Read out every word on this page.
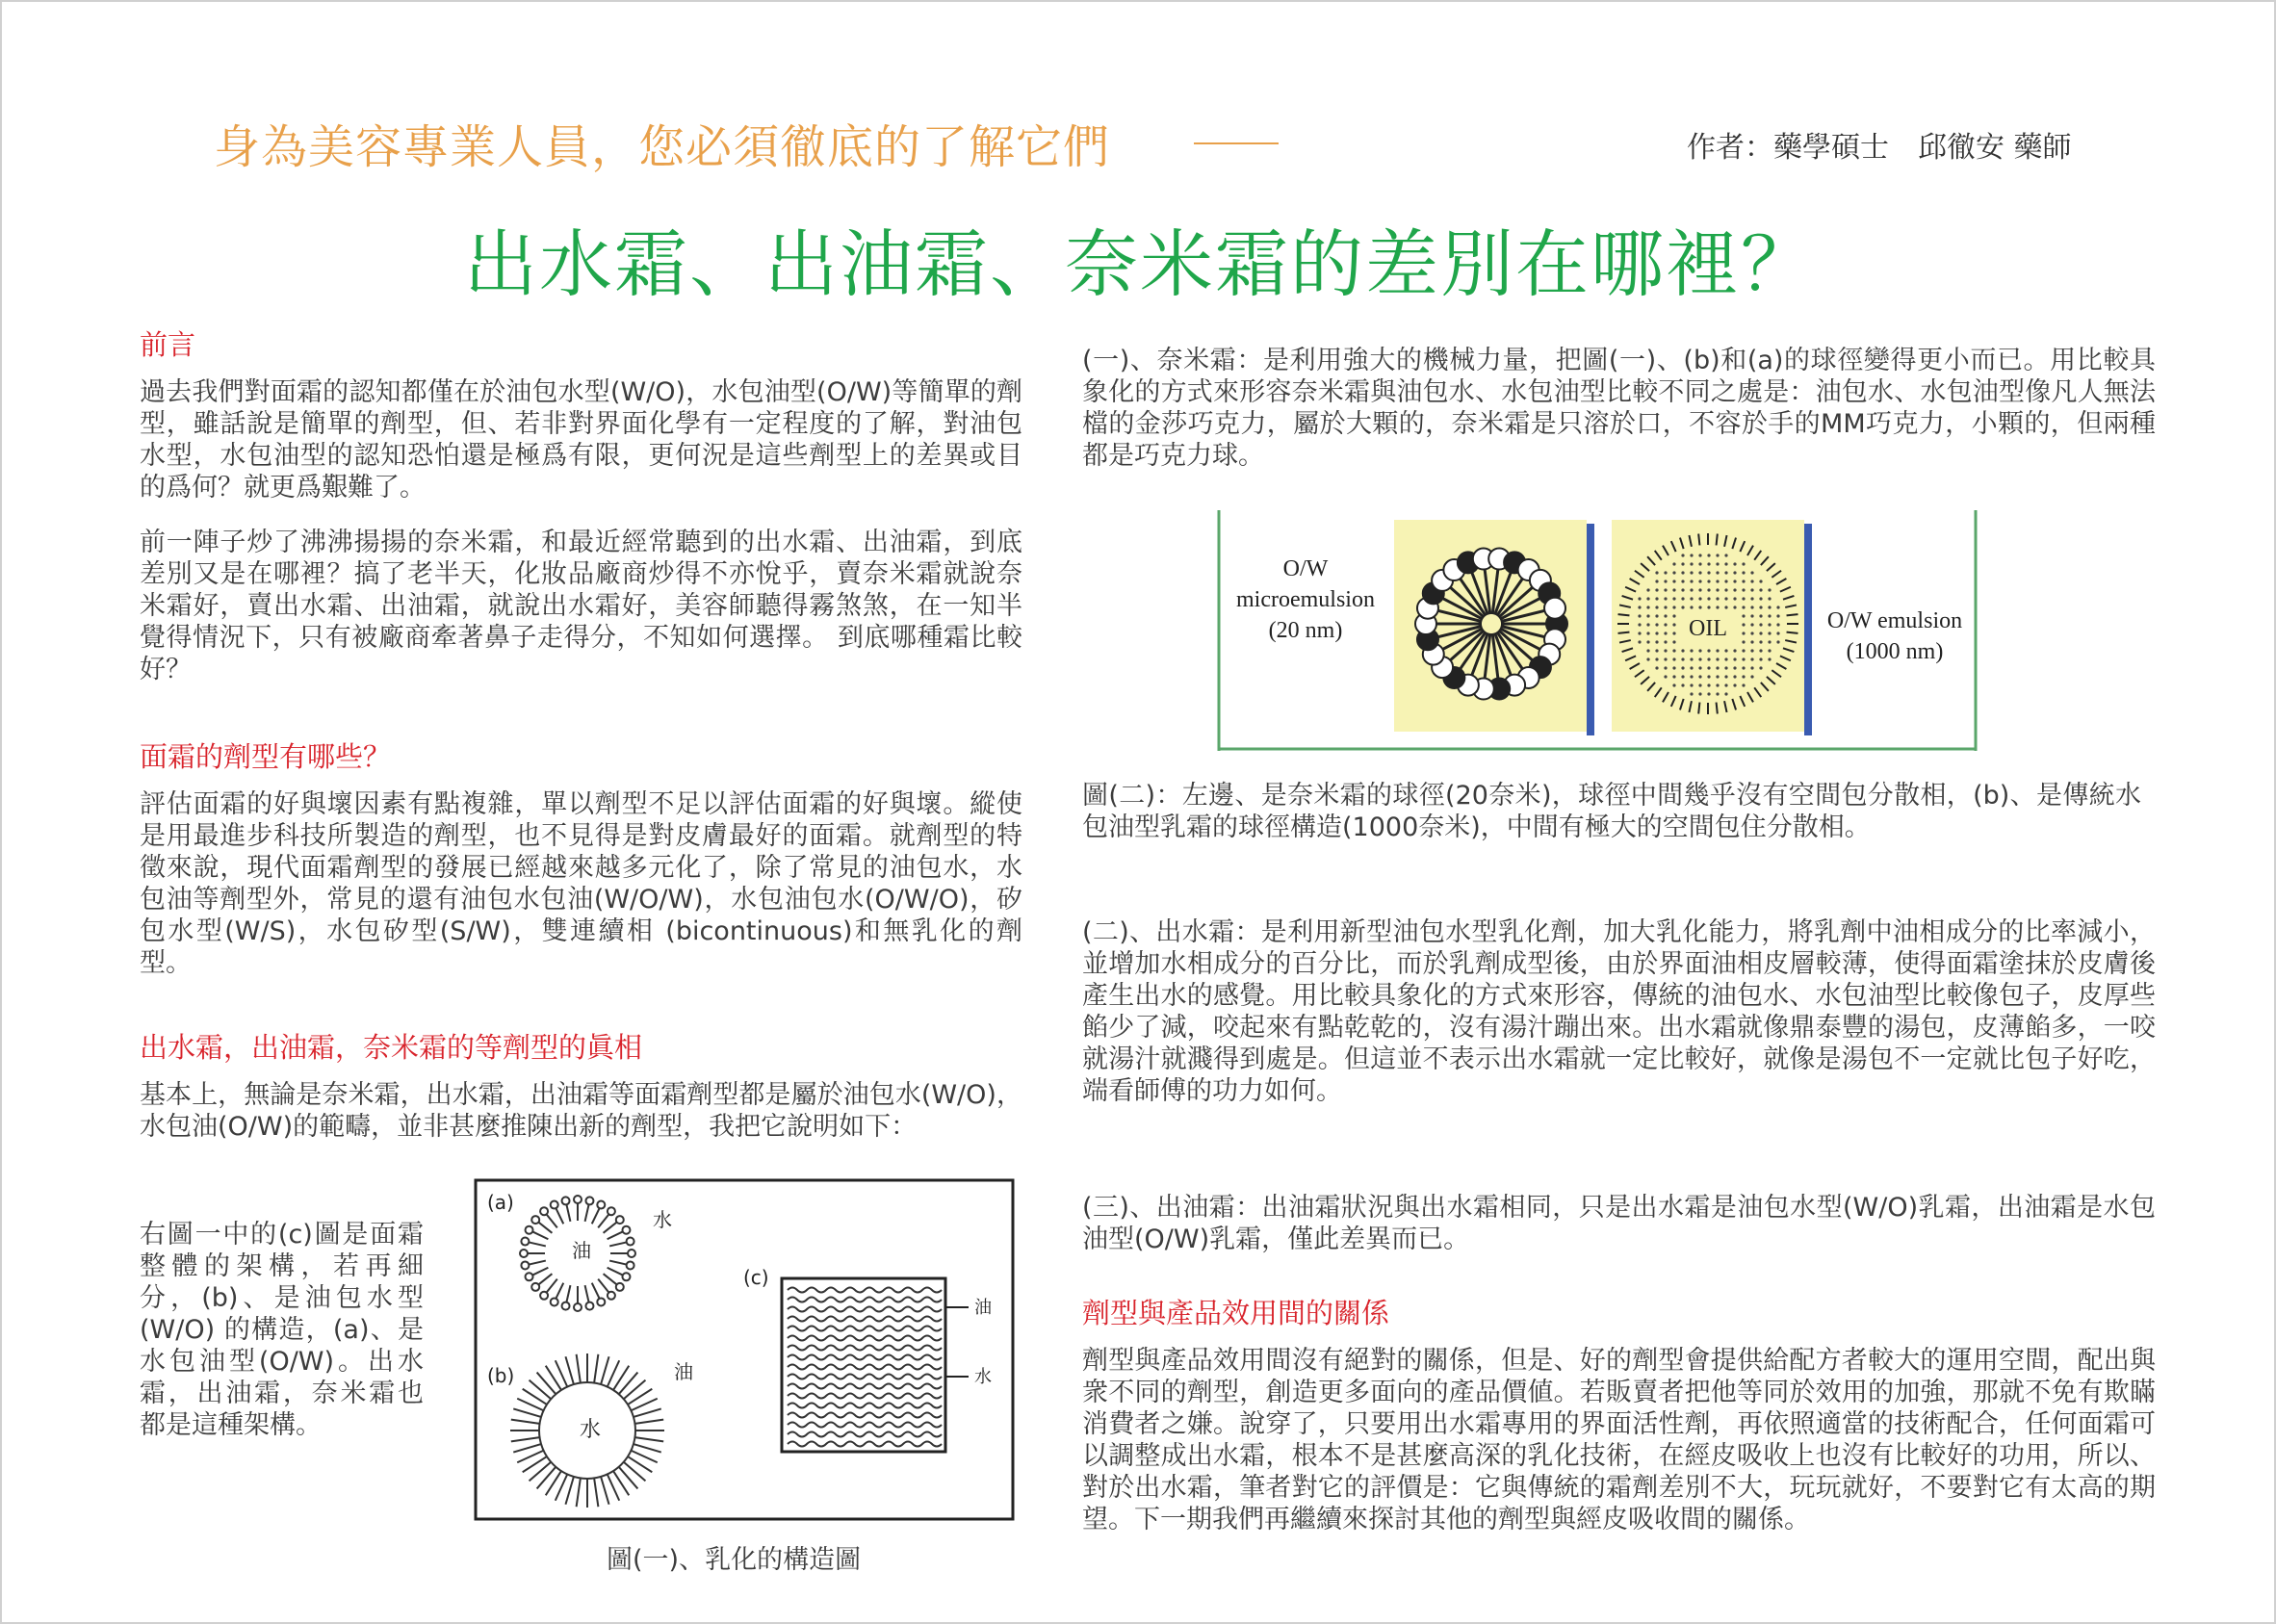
身為美容專業人員，您必須徹底的了解它們	作者：藥學碩士　邱徹安 藥師
出水霜、出油霜、奈米霜的差別在哪裡？
前言

過去我們對面霜的認知都僅在於油包水型(W/O)，水包油型(O/W)等簡單的劑型，雖話說是簡單的劑型，但、若非對界面化學有一定程度的了解，對油包水型，水包油型的認知恐怕還是極爲有限，更何況是這些劑型上的差異或目的爲何？就更爲艱難了。

前一陣子炒了沸沸揚揚的奈米霜，和最近經常聽到的出水霜、出油霜，到底差別又是在哪裡？搞了老半天，化妝品廠商炒得不亦悅乎，賣奈米霜就說奈米霜好，賣出水霜、出油霜，就說出水霜好，美容師聽得霧煞煞，在一知半覺得情況下，只有被廠商牽著鼻子走得分，不知如何選擇。 到底哪種霜比較好？

面霜的劑型有哪些？

評估面霜的好與壞因素有點複雜，單以劑型不足以評估面霜的好與壞。縱使是用最進步科技所製造的劑型，也不見得是對皮膚最好的面霜。就劑型的特徵來說，現代面霜劑型的發展已經越來越多元化了，除了常見的油包水，水包油等劑型外，常見的還有油包水包油(W/O/W)，水包油包水(O/W/O)，矽包水型(W/S)，水包矽型(S/W)，雙連續相 (bicontinuous)和無乳化的劑型。

出水霜，出油霜，奈米霜的等劑型的眞相

基本上，無論是奈米霜，出水霜，出油霜等面霜劑型都是屬於油包水(W/O)，水包油(O/W)的範疇，並非甚麼推陳出新的劑型，我把它說明如下：

右圖一中的(c)圖是面霜整體的架構，若再細分，(b)、是油包水型(W/O) 的構造，(a)、是水包油型(O/W)。出水霜，出油霜，奈米霜也都是這種架構。

(a)
油
水
(b)
水
油
(c)
油
水
圖(一)、乳化的構造圖

(一)、奈米霜：是利用強大的機械力量，把圖(一)、(b)和(a)的球徑變得更小而已。用比較具象化的方式來形容奈米霜與油包水、水包油型比較不同之處是：油包水、水包油型像凡人無法檔的金莎巧克力，屬於大顆的，奈米霜是只溶於口，不容於手的MM巧克力，小顆的，但兩種都是巧克力球。

O/W
microemulsion
(20 nm)	OIL	O/W emulsion
(1000 nm)

圖(二)：左邊、是奈米霜的球徑(20奈米)，球徑中間幾乎沒有空間包分散相，(b)、是傳統水包油型乳霜的球徑構造(1000奈米)，中間有極大的空間包住分散相。

(二)、出水霜：是利用新型油包水型乳化劑，加大乳化能力，將乳劑中油相成分的比率減小，並增加水相成分的百分比，而於乳劑成型後，由於界面油相皮層較薄，使得面霜塗抹於皮膚後產生出水的感覺。用比較具象化的方式來形容，傳統的油包水、水包油型比較像包子，皮厚些餡少了減，咬起來有點乾乾的，沒有湯汁蹦出來。出水霜就像鼎泰豐的湯包，皮薄餡多，一咬就湯汁就濺得到處是。但這並不表示出水霜就一定比較好，就像是湯包不一定就比包子好吃，端看師傅的功力如何。

(三)、出油霜：出油霜狀況與出水霜相同，只是出水霜是油包水型(W/O)乳霜，出油霜是水包油型(O/W)乳霜，僅此差異而已。

劑型與產品效用間的關係

劑型與產品效用間沒有絕對的關係，但是、好的劑型會提供給配方者較大的運用空間，配出與衆不同的劑型，創造更多面向的產品價値。若販賣者把他等同於效用的加強，那就不免有欺瞞消費者之嫌。說穿了，只要用出水霜專用的界面活性劑，再依照適當的技術配合，任何面霜可以調整成出水霜，根本不是甚麼高深的乳化技術，在經皮吸收上也沒有比較好的功用，所以、對於出水霜，筆者對它的評價是：它與傳統的霜劑差別不大，玩玩就好，不要對它有太高的期望。下一期我們再繼續來探討其他的劑型與經皮吸收間的關係。
